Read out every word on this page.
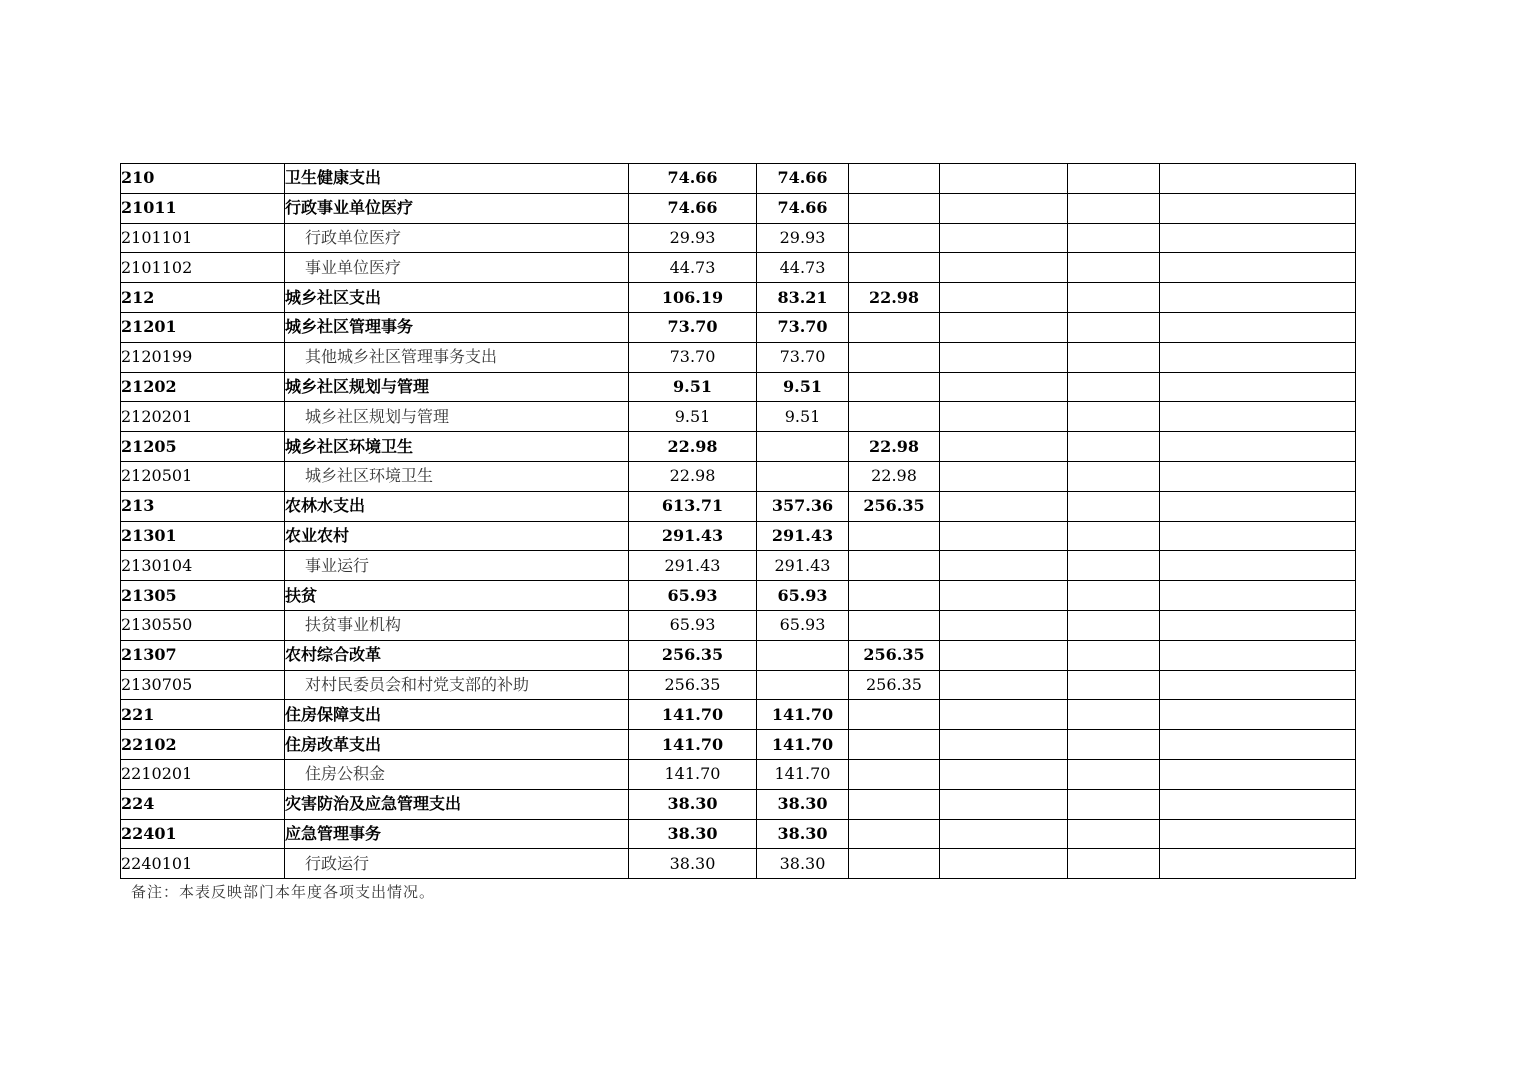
210	卫生健康支出	74.66	74.66				
21011	行政事业单位医疗	74.66	74.66				
2101101	行政单位医疗	29.93	29.93				
2101102	事业单位医疗	44.73	44.73				
212	城乡社区支出	106.19	83.21	22.98			
21201	城乡社区管理事务	73.70	73.70				
2120199	其他城乡社区管理事务支出	73.70	73.70				
21202	城乡社区规划与管理	9.51	9.51				
2120201	城乡社区规划与管理	9.51	9.51				
21205	城乡社区环境卫生	22.98		22.98			
2120501	城乡社区环境卫生	22.98		22.98			
213	农林水支出	613.71	357.36	256.35			
21301	农业农村	291.43	291.43				
2130104	事业运行	291.43	291.43				
21305	扶贫	65.93	65.93				
2130550	扶贫事业机构	65.93	65.93				
21307	农村综合改革	256.35		256.35			
2130705	对村民委员会和村党支部的补助	256.35		256.35			
221	住房保障支出	141.70	141.70				
22102	住房改革支出	141.70	141.70				
2210201	住房公积金	141.70	141.70				
224	灾害防治及应急管理支出	38.30	38.30				
22401	应急管理事务	38.30	38.30				
2240101	行政运行	38.30	38.30				
备注：本表反映部门本年度各项支出情况。
